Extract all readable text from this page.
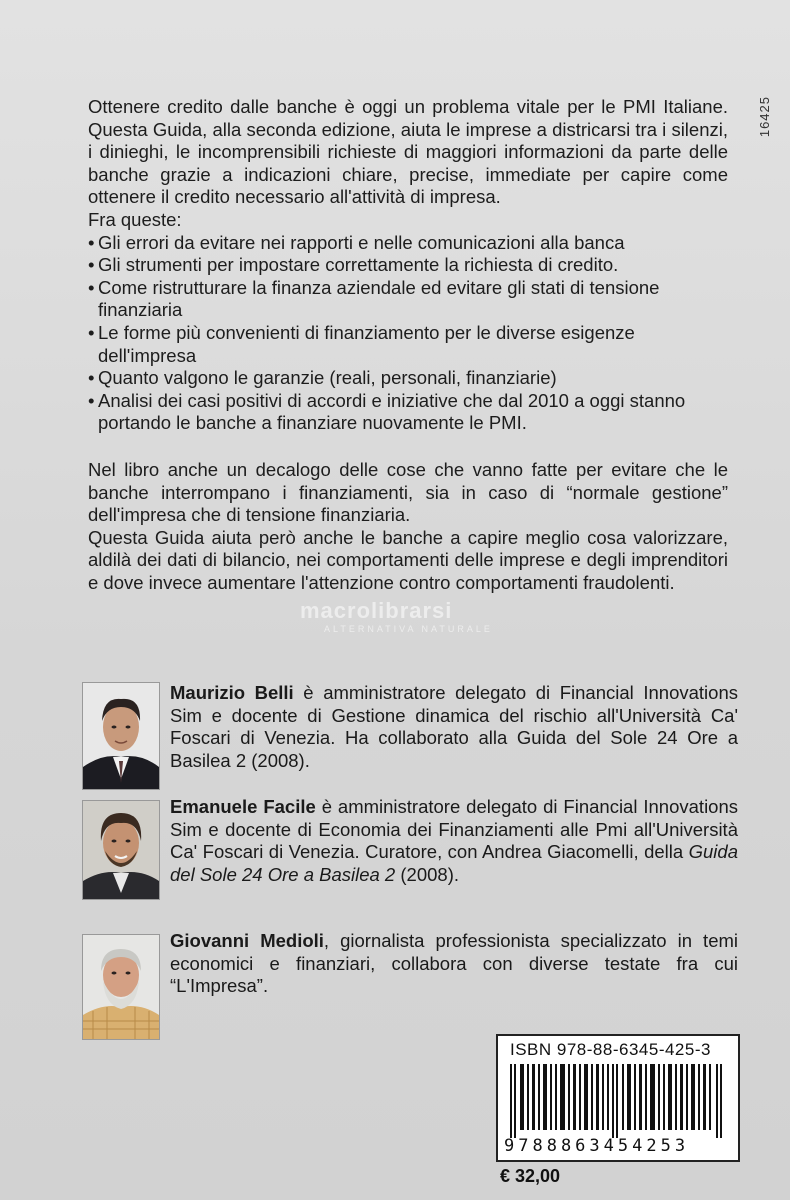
16425

Ottenere credito dalle banche è oggi un problema vitale per le PMI Italiane. Questa Guida, alla seconda edizione, aiuta le imprese a districarsi tra i silenzi, i dinieghi, le incomprensibili richieste di maggiori informazioni da parte delle banche grazie a indicazioni chiare, precise, immediate per capire come ottenere il credito necessario all'attività di impresa.

Fra queste:

• Gli errori da evitare nei rapporti e nelle comunicazioni alla banca
• Gli strumenti per impostare correttamente la richiesta di credito.
• Come ristrutturare la finanza aziendale ed evitare gli stati di tensione finanziaria
• Le forme più convenienti di finanziamento per le diverse esigenze dell'impresa
• Quanto valgono le garanzie (reali, personali, finanziarie)
• Analisi dei casi positivi di accordi e iniziative che dal 2010 a oggi stanno portando le banche a finanziare nuovamente le PMI.

Nel libro anche un decalogo delle cose che vanno fatte per evitare che le banche interrompano i finanziamenti, sia in caso di “normale gestione” dell'impresa che di tensione finanziaria.

Questa Guida aiuta però anche le banche a capire meglio cosa valorizzare, aldilà dei dati di bilancio, nei comportamenti delle imprese e degli imprenditori e dove invece aumentare l'attenzione contro comportamenti fraudolenti.

macrolibrarsi
ALTERNATIVA NATURALE
Maurizio Belli è amministratore delegato di Financial Innovations Sim e docente di Gestione dinamica del rischio all'Università Ca' Foscari di Venezia. Ha collaborato alla Guida del Sole 24 Ore a Basilea 2 (2008).
Emanuele Facile è amministratore delegato di Financial Innovations Sim e docente di Economia dei Finanziamenti alle Pmi all'Università Ca' Foscari di Venezia. Curatore, con Andrea Giacomelli, della Guida del Sole 24 Ore a Basilea 2 (2008).
Giovanni Medioli, giornalista professionista specializzato in temi economici e finanziari, collabora con diverse testate fra cui “L'Impresa”.
ISBN 978-88-6345-425-3
9788863454253
€ 32,00
